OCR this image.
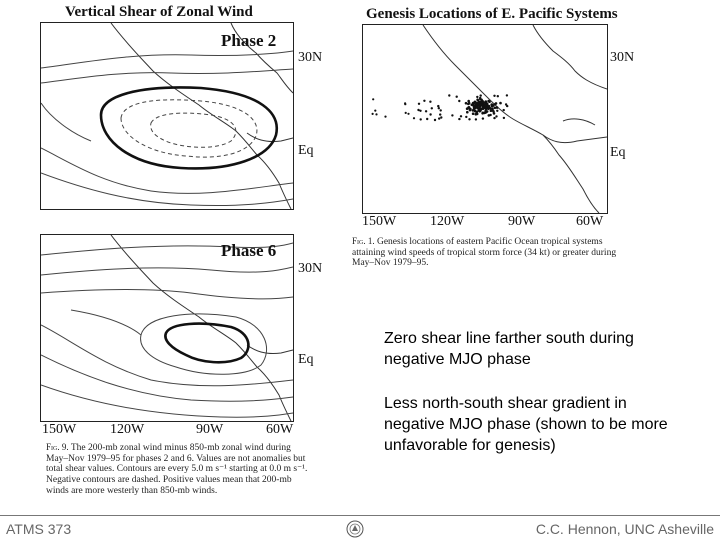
Vertical Shear of Zonal Wind
Phase 2
30N
Eq
Phase 6
30N
Eq
150W 120W	90W	60W
Fig. 9. The 200-mb zonal wind minus 850-mb zonal wind during
May–Nov 1979–95 for phases 2 and 6. Values are not anomalies but
total shear values. Contours are every 5.0 m s⁻¹ starting at 0.0 m s⁻¹.
Negative contours are dashed. Positive values mean that 200-mb
winds are more westerly than 850-mb winds.
Genesis Locations of E. Pacific Systems
30N
Eq
150W 120W	90W	60W
Fig. 1. Genesis locations of eastern Pacific Ocean tropical systems
attaining wind speeds of tropical storm force (34 kt) or greater during
May–Nov 1979–95.
Zero shear line farther south during negative MJO phase
Less north-south shear gradient in negative MJO phase (shown to be more unfavorable for genesis)
ATMS 373	C.C. Hennon, UNC Asheville
